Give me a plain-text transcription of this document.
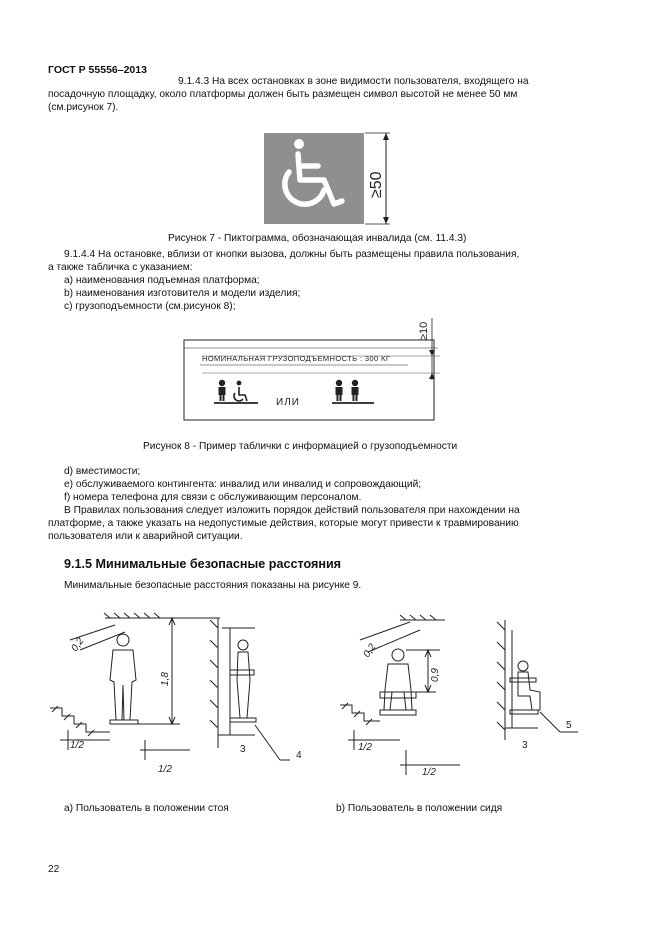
ГОСТ Р 55556–2013
9.1.4.3 На всех остановках в зоне видимости пользователя, входящего на
посадочную площадку, около платформы должен быть размещен символ высотой не менее 50 мм
(см.рисунок 7).
≥50
Рисунок 7 - Пиктограмма, обозначающая инвалида (см. 11.4.3)
9.1.4.4 На остановке, вблизи от кнопки вызова, должны быть размещены правила пользования,
а также табличка с указанием:
a) наименования подъемная платформа;
b) наименования изготовителя и модели изделия;
c) грузоподъемности (см.рисунок 8);
НОМИНАЛЬНАЯ ГРУЗОПОДЪЕМНОСТЬ : 300 КГ
ИЛИ
≥10
Рисунок 8 - Пример таблички с информацией о грузоподъемности
d) вместимости;
e) обслуживаемого контингента: инвалид или инвалид и сопровождающий;
f) номера телефона для связи с обслуживающим персоналом.
В Правилах пользования следует изложить порядок действий пользователя при нахождении на
платформе, а также указать на недопустимые действия, которые могут привести к травмированию
пользователя или к аварийной ситуации.
9.1.5 Минимальные безопасные расстояния
Минимальные безопасные расстояния показаны на рисунке 9.
0,2
1,8
1/2
1/2
3
4
0,2
0,9
1/2
1/2
3
5
a) Пользователь в положении стоя	b) Пользователь в положении сидя
22
